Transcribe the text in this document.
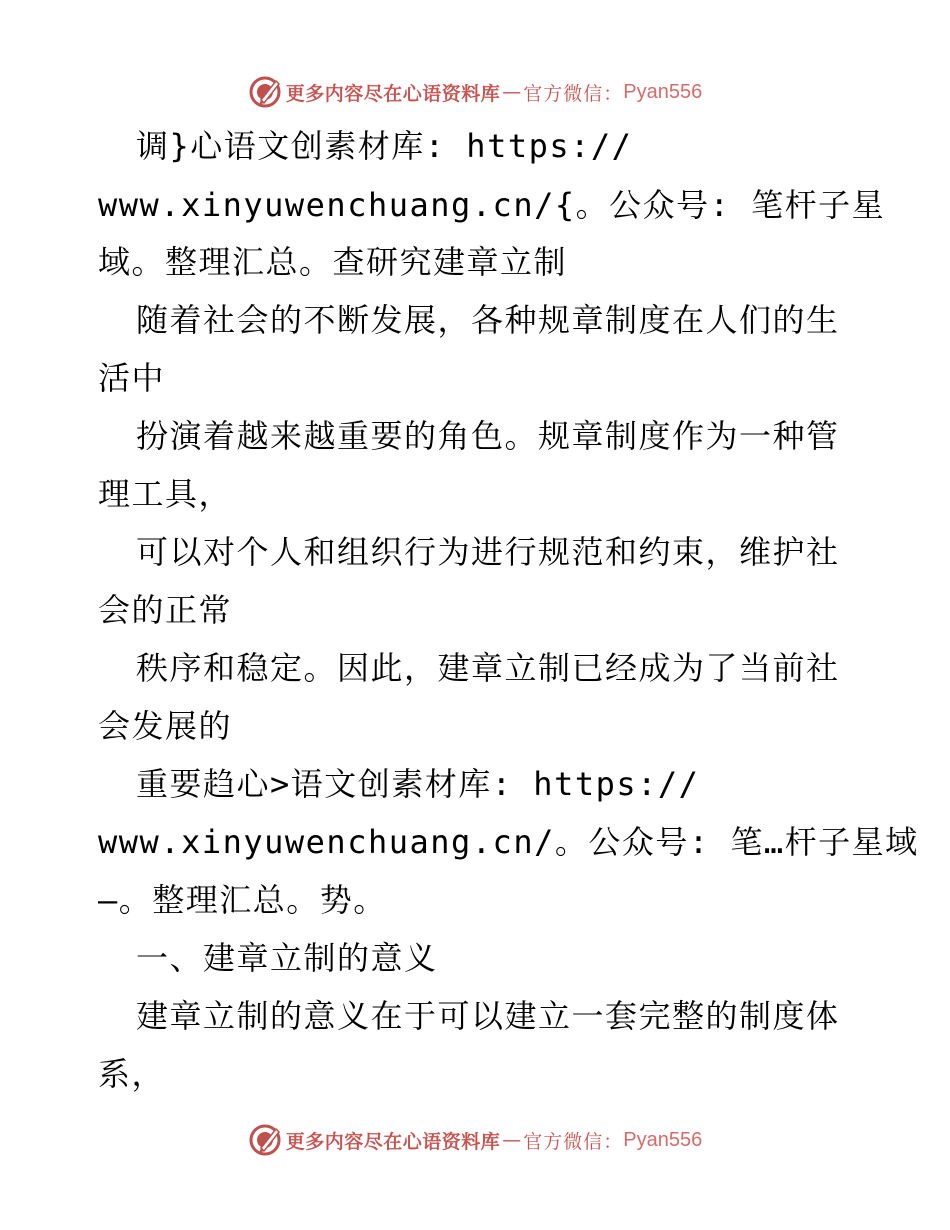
更多内容尽在心语资料库 — 官方微信： Pyan556
调}心语文创素材库: https://
www.xinyuwenchuang.cn/{。公众号: 笔杆子星
域。整理汇总。查研究建章立制
随着社会的不断发展，各种规章制度在人们的生
活中
扮演着越来越重要的角色。规章制度作为一种管
理工具，
可以对个人和组织行为进行规范和约束，维护社
会的正常
秩序和稳定。因此，建章立制已经成为了当前社
会发展的
重要趋心>语文创素材库: https://
www.xinyuwenchuang.cn/。公众号: 笔…杆子星域
—。整理汇总。势。
一、建章立制的意义
建章立制的意义在于可以建立一套完整的制度体
系，
更多内容尽在心语资料库 — 官方微信： Pyan556
